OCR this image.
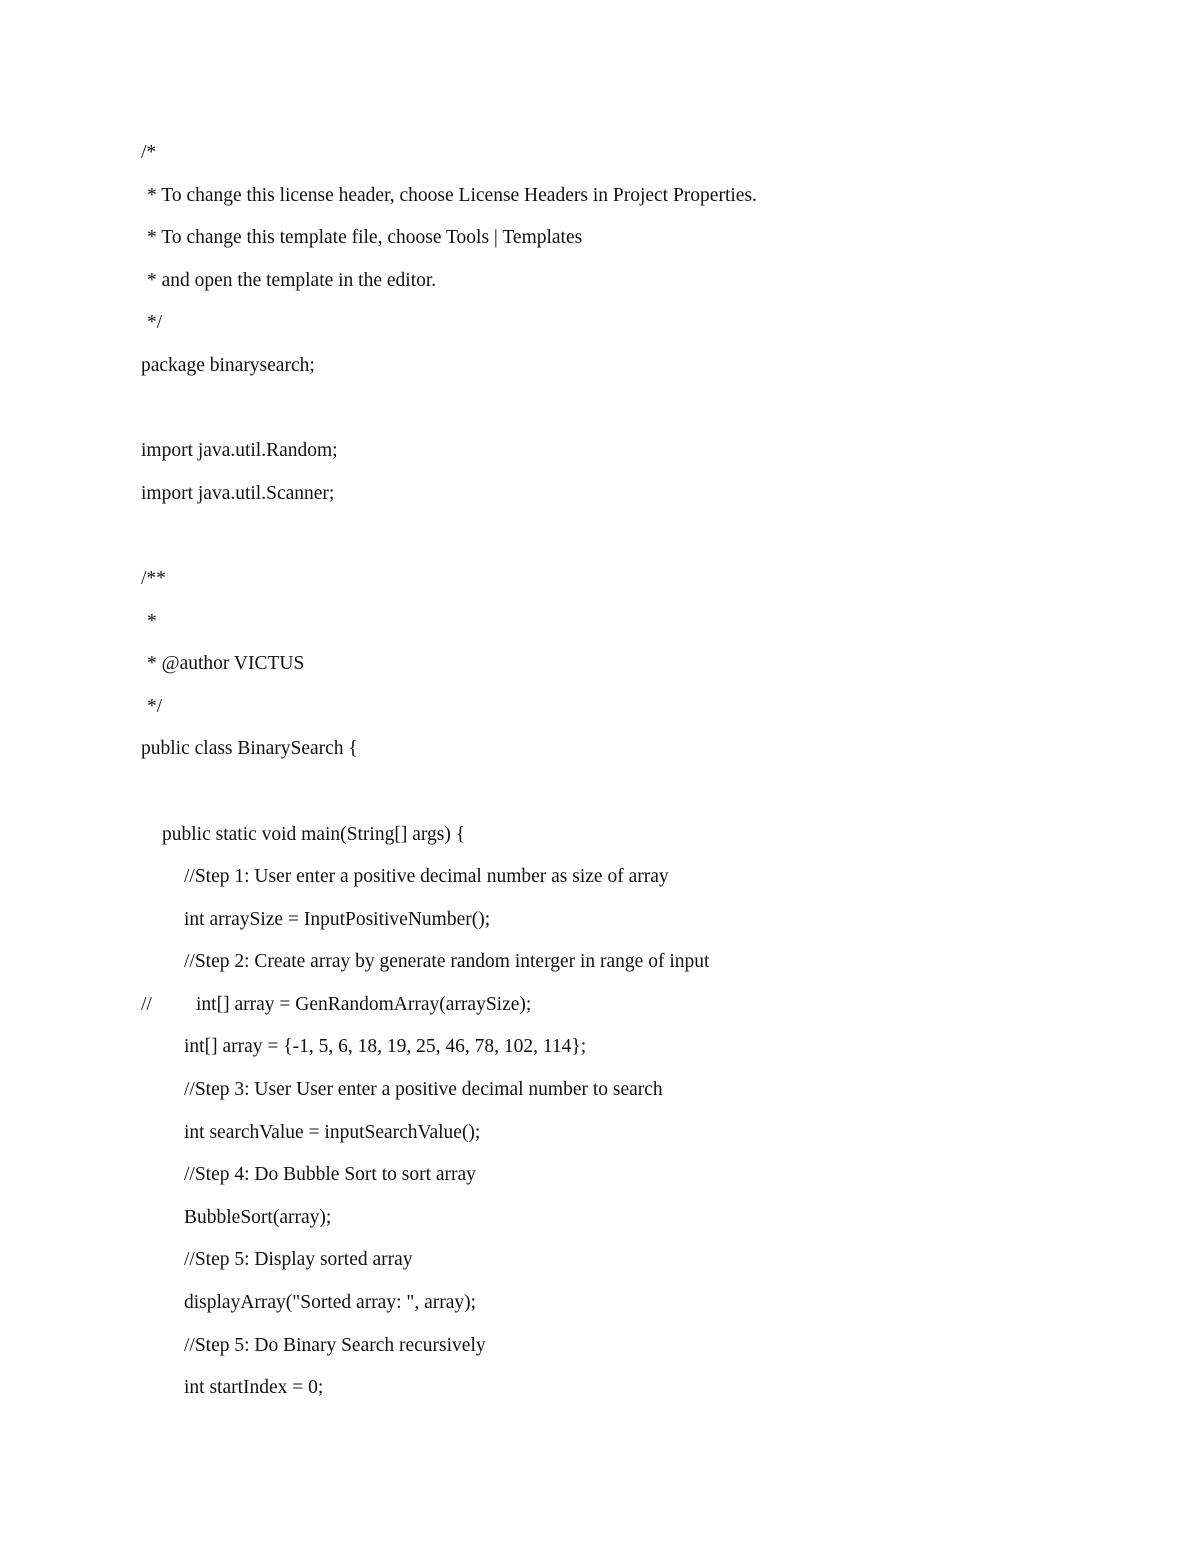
/*
* To change this license header, choose License Headers in Project Properties.
* To change this template file, choose Tools | Templates
* and open the template in the editor.
*/
package binarysearch;
import java.util.Random;
import java.util.Scanner;
/**
*
* @author VICTUS
*/
public class BinarySearch {
public static void main(String[] args) {
//Step 1: User enter a positive decimal number as size of array
int arraySize = InputPositiveNumber();
//Step 2: Create array by generate random interger in range of input
// int[] array = GenRandomArray(arraySize);
int[] array = {-1, 5, 6, 18, 19, 25, 46, 78, 102, 114};
//Step 3: User User enter a positive decimal number to search
int searchValue = inputSearchValue();
//Step 4: Do Bubble Sort to sort array
BubbleSort(array);
//Step 5: Display sorted array
displayArray("Sorted array: ", array);
//Step 5: Do Binary Search recursively
int startIndex = 0;
